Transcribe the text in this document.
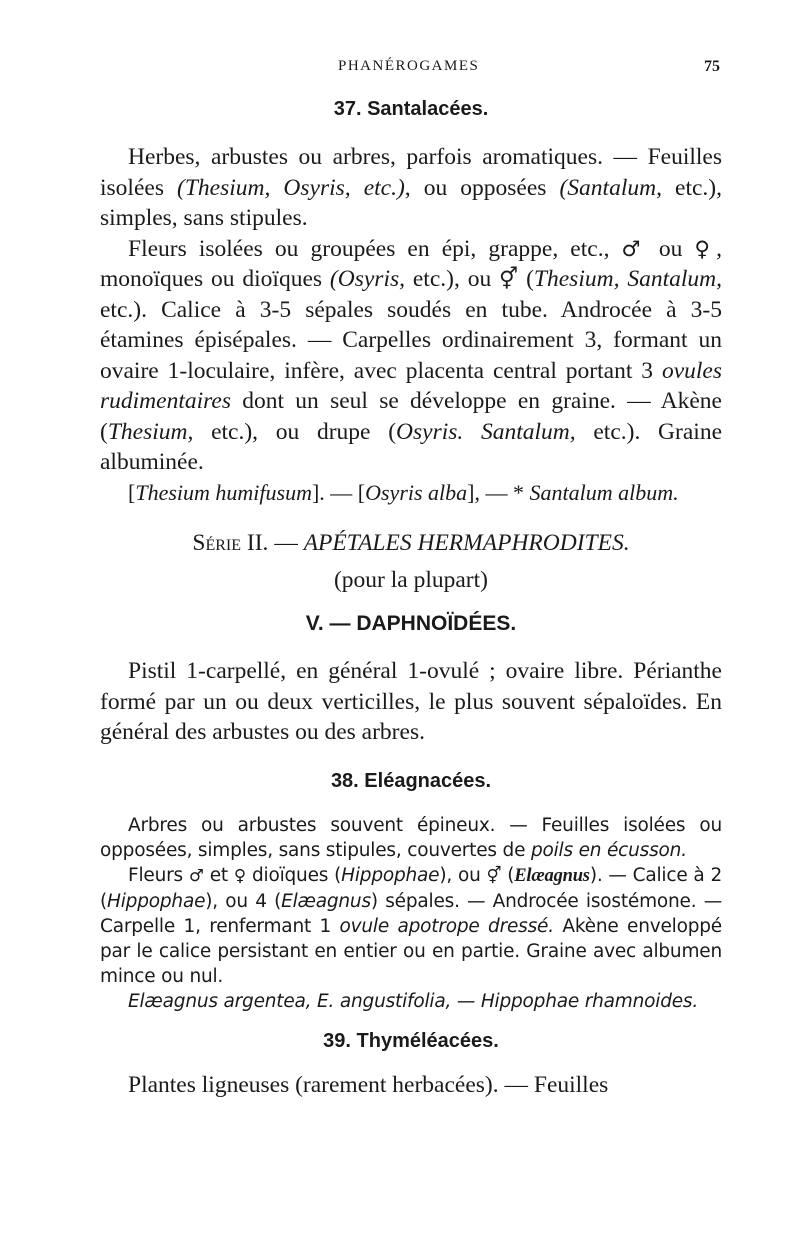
PHANÉROGAMES	75

37. Santalacées.

Herbes, arbustes ou arbres, parfois aromatiques. — Feuilles isolées (Thesium, Osyris, etc.), ou opposées (Santalum, etc.), simples, sans stipules.

Fleurs isolées ou groupées en épi, grappe, etc., ♂ ou ♀, monoïques ou dioïques (Osyris, etc.), ou ⚥ (Thesium, Santalum, etc.). Calice à 3-5 sépales soudés en tube. Androcée à 3-5 étamines épisépales. — Carpelles ordinairement 3, formant un ovaire 1-loculaire, infère, avec placenta central portant 3 ovules rudimentaires dont un seul se développe en graine. — Akène (Thesium, etc.), ou drupe (Osyris. Santalum, etc.). Graine albuminée.

[Thesium humifusum]. — [Osyris alba], — * Santalum album.

Série II. — APÉTALES HERMAPHRODITES.

(pour la plupart)

V. — DAPHNOÏDÉES.

Pistil 1-carpellé, en général 1-ovulé ; ovaire libre. Périanthe formé par un ou deux verticilles, le plus souvent sépaloïdes. En général des arbustes ou des arbres.

38. Eléagnacées.

Arbres ou arbustes souvent épineux. — Feuilles isolées ou opposées, simples, sans stipules, couvertes de poils en écusson.

Fleurs ♂ et ♀ dioïques (Hippophae), ou ⚥ (Elæagnus). — Calice à 2 (Hippophae), ou 4 (Elæagnus) sépales. — Androcée isostémone. — Carpelle 1, renfermant 1 ovule apotrope dressé. Akène enveloppé par le calice persistant en entier ou en partie. Graine avec albumen mince ou nul.

Elæagnus argentea, E. angustifolia, — Hippophae rhamnoides.

39. Thyméléacées.

Plantes ligneuses (rarement herbacées). — Feuilles
